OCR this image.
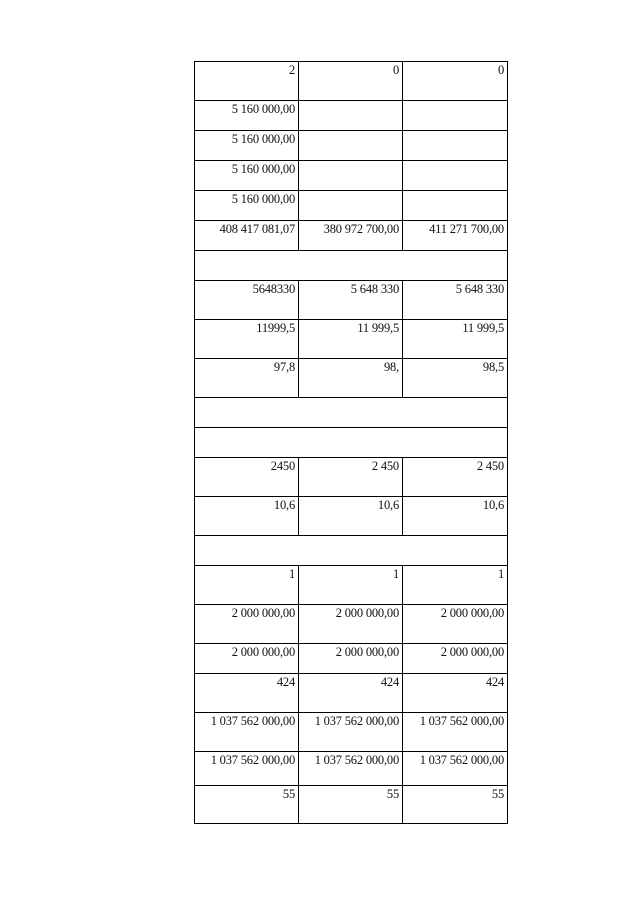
2	0	0
5 160 000,00		
5 160 000,00		
5 160 000,00		
5 160 000,00		
408 417 081,07	380 972 700,00	411 271 700,00

5648330	5 648 330	5 648 330
11999,5	11 999,5	11 999,5
97,8	98,	98,5

2450	2 450	2 450
10,6	10,6	10,6

1	1	1
2 000 000,00	2 000 000,00	2 000 000,00
2 000 000,00	2 000 000,00	2 000 000,00
424	424	424
1 037 562 000,00	1 037 562 000,00	1 037 562 000,00
1 037 562 000,00	1 037 562 000,00	1 037 562 000,00
55	55	55
